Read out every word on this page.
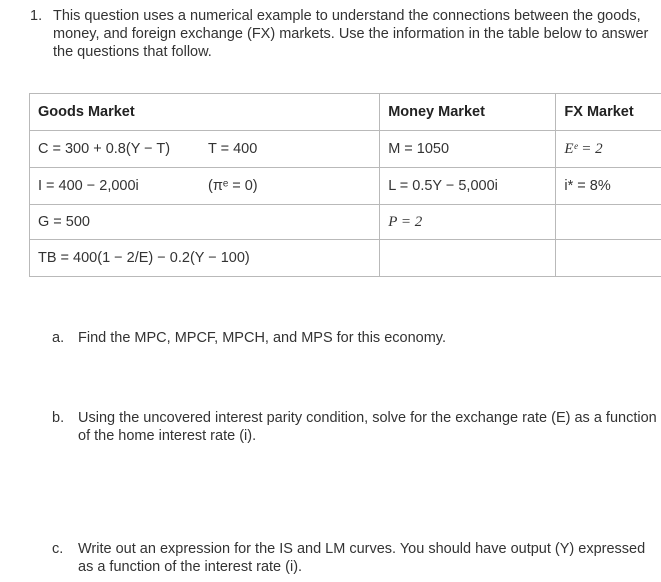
1. This question uses a numerical example to understand the connections between the goods, money, and foreign exchange (FX) markets. Use the information in the table below to answer the questions that follow.
Goods Market	Money Market	FX Market

C = 300 + 0.8(Y − T) T = 400	M = 1050	Eᵉ = 2

I = 400 − 2,000i (πᵉ = 0)	L = 0.5Y − 5,000i	i* = 8%
G = 500	P = 2	
TB = 400(1 − 2/E) − 0.2(Y − 100)		
a. Find the MPC, MPCF, MPCH, and MPS for this economy.
b. Using the uncovered interest parity condition, solve for the exchange rate (E) as a function of the home interest rate (i).
c. Write out an expression for the IS and LM curves. You should have output (Y) expressed as a function of the interest rate (i).
